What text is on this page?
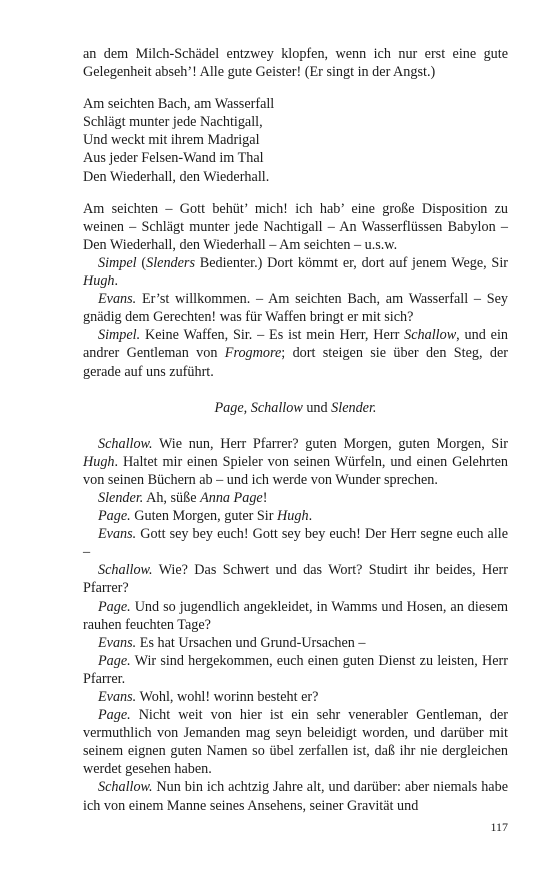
an dem Milch-Schädel entzwey klopfen, wenn ich nur erst eine gute Gelegenheit abseh’! Alle gute Geister! (Er singt in der Angst.)

Am seichten Bach, am Wasserfall
Schlägt munter jede Nachtigall,
Und weckt mit ihrem Madrigal
Aus jeder Felsen-Wand im Thal
Den Wiederhall, den Wiederhall.

Am seichten – Gott behüt’ mich! ich hab’ eine große Disposition zu weinen – Schlägt munter jede Nachtigall – An Wasserflüssen Babylon – Den Wiederhall, den Wiederhall – Am seichten – u.s.w.

Simpel (Slenders Bedienter.) Dort kömmt er, dort auf jenem Wege, Sir Hugh.

Evans. Er’st willkommen. – Am seichten Bach, am Wasserfall – Sey gnädig dem Gerechten! was für Waffen bringt er mit sich?

Simpel. Keine Waffen, Sir. – Es ist mein Herr, Herr Schallow, und ein andrer Gentleman von Frogmore; dort steigen sie über den Steg, der gerade auf uns zuführt.

Page, Schallow und Slender.

Schallow. Wie nun, Herr Pfarrer? guten Morgen, guten Morgen, Sir Hugh. Haltet mir einen Spieler von seinen Würfeln, und einen Gelehrten von seinen Büchern ab – und ich werde von Wunder sprechen.

Slender. Ah, süße Anna Page!

Page. Guten Morgen, guter Sir Hugh.

Evans. Gott sey bey euch! Gott sey bey euch! Der Herr segne euch alle –

Schallow. Wie? Das Schwert und das Wort? Studirt ihr beides, Herr Pfarrer?

Page. Und so jugendlich angekleidet, in Wamms und Hosen, an diesem rauhen feuchten Tage?

Evans. Es hat Ursachen und Grund-Ursachen –

Page. Wir sind hergekommen, euch einen guten Dienst zu leisten, Herr Pfarrer.

Evans. Wohl, wohl! worinn besteht er?

Page. Nicht weit von hier ist ein sehr venerabler Gentleman, der vermuthlich von Jemanden mag seyn beleidigt worden, und darüber mit seinem eignen guten Namen so übel zerfallen ist, daß ihr nie dergleichen werdet gesehen haben.

Schallow. Nun bin ich achtzig Jahre alt, und darüber: aber niemals habe ich von einem Manne seines Ansehens, seiner Gravität und

117
